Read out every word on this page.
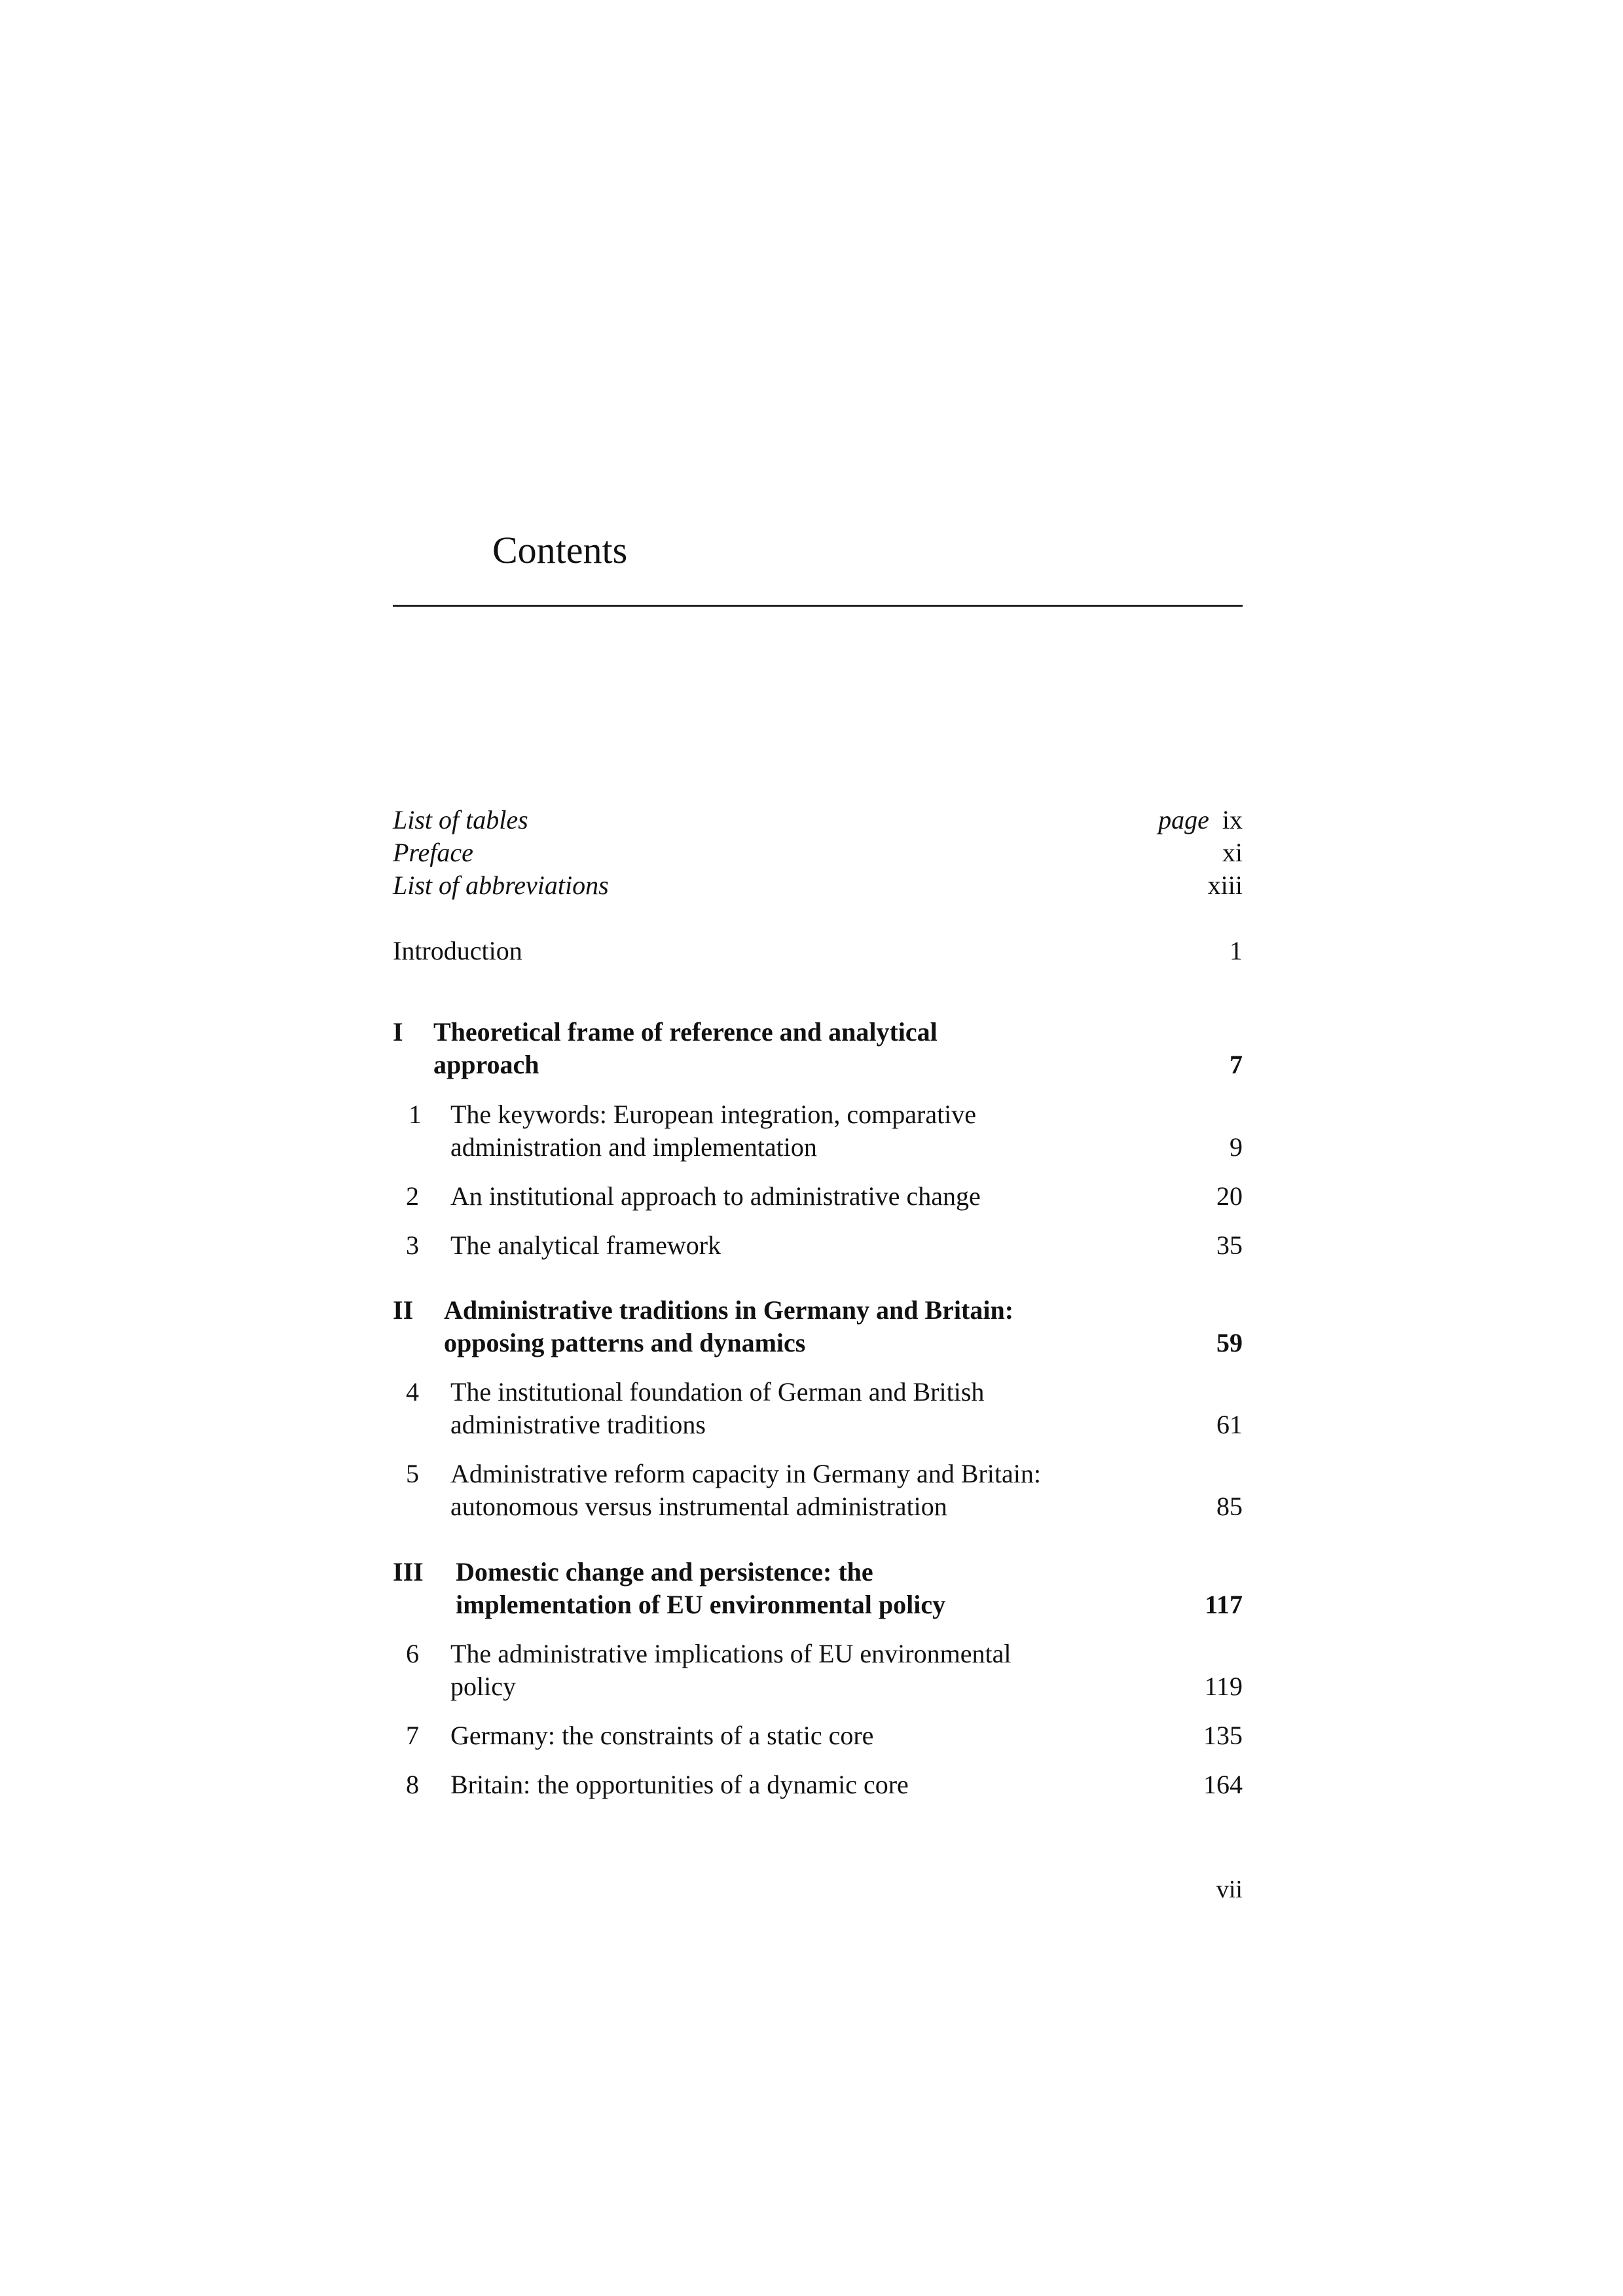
Contents
List of tables	page ix
Preface	xi
List of abbreviations	xiii
Introduction	1
I Theoretical frame of reference and analytical
approach	7
1 The keywords: European integration, comparative
administration and implementation	9
2 An institutional approach to administrative change	20
3 The analytical framework	35
II Administrative traditions in Germany and Britain:
opposing patterns and dynamics	59
4 The institutional foundation of German and British
administrative traditions	61
5 Administrative reform capacity in Germany and Britain:
autonomous versus instrumental administration	85
III Domestic change and persistence: the
implementation of EU environmental policy	117
6 The administrative implications of EU environmental
policy	119
7 Germany: the constraints of a static core	135
8 Britain: the opportunities of a dynamic core	164
vii
